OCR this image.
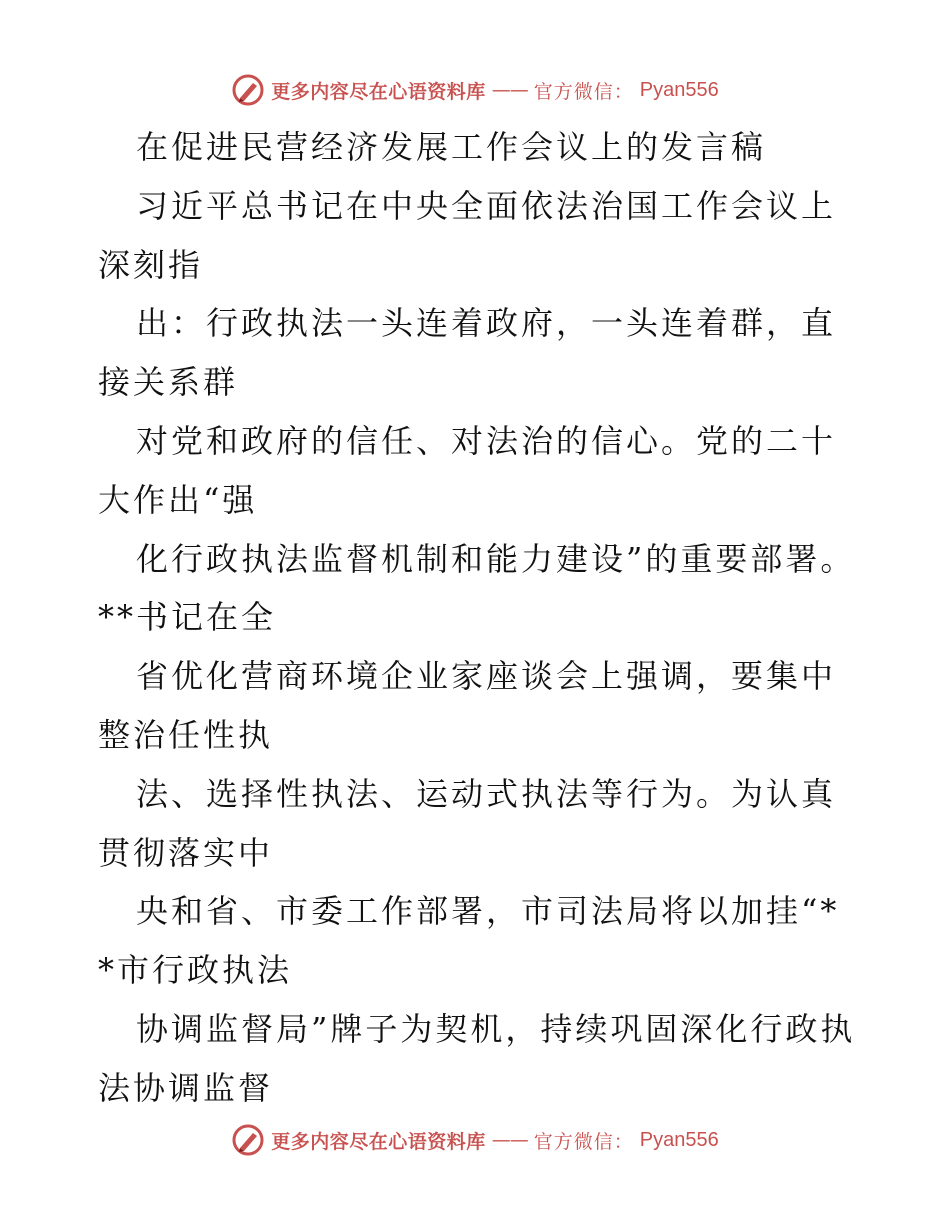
更多内容尽在心语资料库 —— 官方微信： Pyan556

在促进民营经济发展工作会议上的发言稿

习近平总书记在中央全面依法治国工作会议上深刻指

出：行政执法一头连着政府，一头连着群，直接关系群

对党和政府的信任、对法治的信心。党的二十大作出“强

化行政执法监督机制和能力建设”的重要部署。**书记在全

省优化营商环境企业家座谈会上强调，要集中整治任性执

法、选择性执法、运动式执法等行为。为认真贯彻落实中

央和省、市委工作部署，市司法局将以加挂“**市行政执法

协调监督局”牌子为契机，持续巩固深化行政执法协调监督

更多内容尽在心语资料库 —— 官方微信： Pyan556
